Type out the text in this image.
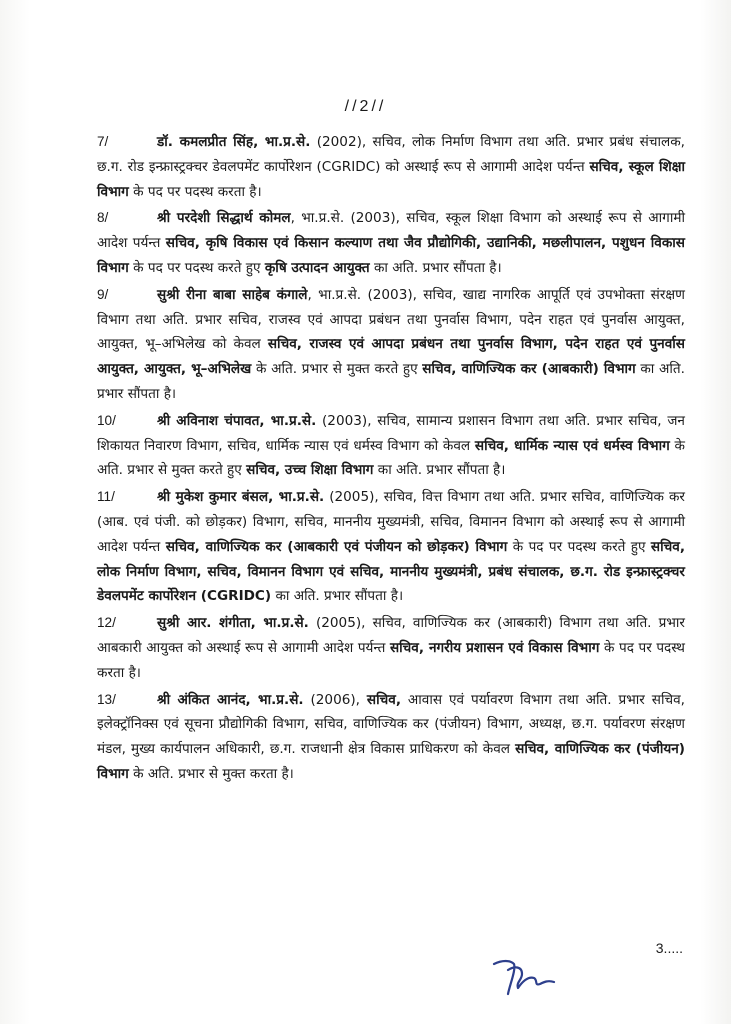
//2//

7/	डॉ. कमलप्रीत सिंह, भा.प्र.से. (2002), सचिव, लोक निर्माण विभाग तथा अति. प्रभार प्रबंध संचालक, छ.ग. रोड इन्फ्रास्ट्रक्चर डेवलपमेंट कार्पोरेशन (CGRIDC) को अस्थाई रूप से आगामी आदेश पर्यन्त सचिव, स्कूल शिक्षा विभाग के पद पर पदस्थ करता है।

8/	श्री परदेशी सिद्धार्थ कोमल, भा.प्र.से. (2003), सचिव, स्कूल शिक्षा विभाग को अस्थाई रूप से आगामी आदेश पर्यन्त सचिव, कृषि विकास एवं किसान कल्याण तथा जैव प्रौद्योगिकी, उद्यानिकी, मछलीपालन, पशुधन विकास विभाग के पद पर पदस्थ करते हुए कृषि उत्पादन आयुक्त का अति. प्रभार सौंपता है।

9/	सुश्री रीना बाबा साहेब कंगाले, भा.प्र.से. (2003), सचिव, खाद्य नागरिक आपूर्ति एवं उपभोक्ता संरक्षण विभाग तथा अति. प्रभार सचिव, राजस्व एवं आपदा प्रबंधन तथा पुनर्वास विभाग, पदेन राहत एवं पुनर्वास आयुक्त, आयुक्त, भू–अभिलेख को केवल सचिव, राजस्व एवं आपदा प्रबंधन तथा पुनर्वास विभाग, पदेन राहत एवं पुनर्वास आयुक्त, आयुक्त, भू–अभिलेख के अति. प्रभार से मुक्त करते हुए सचिव, वाणिज्यिक कर (आबकारी) विभाग का अति. प्रभार सौंपता है।

10/	श्री अविनाश चंपावत, भा.प्र.से. (2003), सचिव, सामान्य प्रशासन विभाग तथा अति. प्रभार सचिव, जन शिकायत निवारण विभाग, सचिव, धार्मिक न्यास एवं धर्मस्व विभाग को केवल सचिव, धार्मिक न्यास एवं धर्मस्व विभाग के अति. प्रभार से मुक्त करते हुए सचिव, उच्च शिक्षा विभाग का अति. प्रभार सौंपता है।

11/	श्री मुकेश कुमार बंसल, भा.प्र.से. (2005), सचिव, वित्त विभाग तथा अति. प्रभार सचिव, वाणिज्यिक कर (आब. एवं पंजी. को छोड़कर) विभाग, सचिव, माननीय मुख्यमंत्री, सचिव, विमानन विभाग को अस्थाई रूप से आगामी आदेश पर्यन्त सचिव, वाणिज्यिक कर (आबकारी एवं पंजीयन को छोड़कर) विभाग के पद पर पदस्थ करते हुए सचिव, लोक निर्माण विभाग, सचिव, विमानन विभाग एवं सचिव, माननीय मुख्यमंत्री, प्रबंध संचालक, छ.ग. रोड इन्फ्रास्ट्रक्चर डेवलपमेंट कार्पोरेशन (CGRIDC) का अति. प्रभार सौंपता है।

12/	सुश्री आर. शंगीता, भा.प्र.से. (2005), सचिव, वाणिज्यिक कर (आबकारी) विभाग तथा अति. प्रभार आबकारी आयुक्त को अस्थाई रूप से आगामी आदेश पर्यन्त सचिव, नगरीय प्रशासन एवं विकास विभाग के पद पर पदस्थ करता है।

13/	श्री अंकित आनंद, भा.प्र.से. (2006), सचिव, आवास एवं पर्यावरण विभाग तथा अति. प्रभार सचिव, इलेक्ट्रॉनिक्स एवं सूचना प्रौद्योगिकी विभाग, सचिव, वाणिज्यिक कर (पंजीयन) विभाग, अध्यक्ष, छ.ग. पर्यावरण संरक्षण मंडल, मुख्य कार्यपालन अधिकारी, छ.ग. राजधानी क्षेत्र विकास प्राधिकरण को केवल सचिव, वाणिज्यिक कर (पंजीयन) विभाग के अति. प्रभार से मुक्त करता है।

3.....
